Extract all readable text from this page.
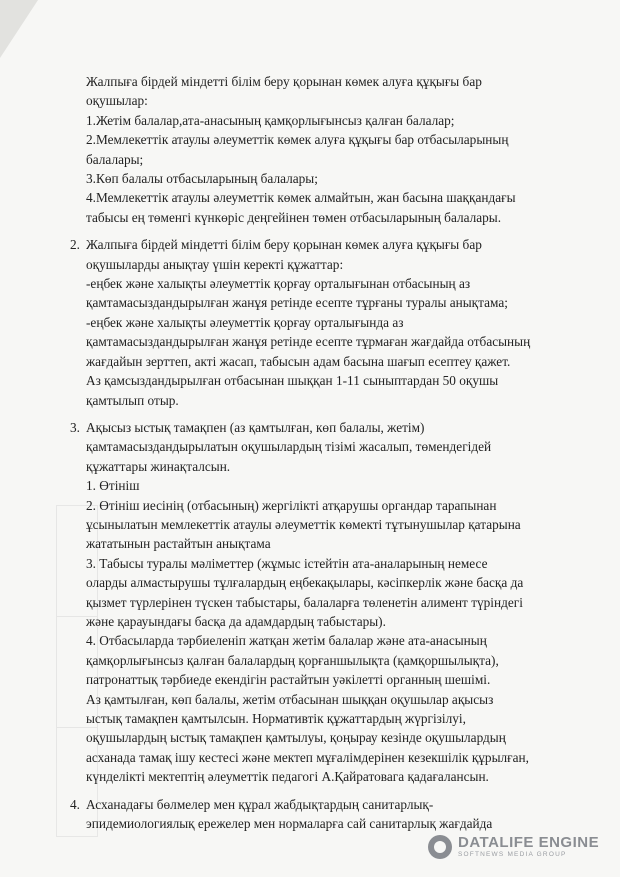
Жалпыға бірдей міндетті білім беру қорынан көмек алуға құқығы бар

оқушылар:

1.Жетім балалар,ата-анасының қамқорлығынсыз қалған балалар;

2.Мемлекеттік атаулы әлеуметтік көмек алуға құқығы бар отбасыларының

балалары;

3.Көп балалы отбасыларының балалары;

4.Мемлекеттік атаулы әлеуметтік көмек алмайтын, жан басына шаққандағы

табысы ең төменгі күнкөріс деңгейінен төмен отбасыларының балалары.

2. Жалпыға бірдей міндетті білім беру қорынан көмек алуға құқығы бар

оқушыларды анықтау үшін керекті құжаттар:

-еңбек және халықты әлеуметтік қорғау орталығынан отбасының аз

қамтамасыздандырылған жанұя ретінде есепте тұрғаны туралы анықтама;

-еңбек және халықты әлеуметтік қорғау орталығында аз

қамтамасыздандырылған жанұя ретінде есепте тұрмаған жағдайда отбасының

жағдайын зерттеп, акті жасап, табысын адам басына шағып есептеу қажет.

Аз қамсыздандырылған отбасынан шыққан 1-11 сыныптардан 50 оқушы

қамтылып отыр.

3. Ақысыз ыстық тамақпен (аз қамтылған, көп балалы, жетім)

қамтамасыздандырылатын оқушылардың тізімі жасалып, төмендегідей

құжаттары жинақталсын.

1. Өтініш

2. Өтініш иесінің (отбасының) жергілікті атқарушы органдар тарапынан

ұсынылатын мемлекеттік атаулы әлеуметтік көмекті тұтынушылар қатарына

жататынын растайтын анықтама

3. Табысы туралы мәліметтер (жұмыс істейтін ата-аналарының немесе

оларды алмастырушы тұлғалардың еңбекақылары, кәсіпкерлік және басқа да

қызмет түрлерінен түскен табыстары, балаларға төленетін алимент түріндегі

және қарауындағы басқа да адамдардың табыстары).

4. Отбасыларда тәрбиеленіп жатқан жетім балалар және ата-анасының

қамқорлығынсыз қалған балалардың қорғаншылықта (қамқоршылықта),

патронаттық тәрбиеде екендігін растайтын уәкілетті органның шешімі.

Аз қамтылған, көп балалы, жетім отбасынан шыққан оқушылар ақысыз

ыстық тамақпен қамтылсын. Нормативтік құжаттардың жүргізілуі,

оқушылардың ыстық тамақпен қамтылуы, қоңырау кезінде оқушылардың

асханада тамақ ішу кестесі және мектеп мұғалімдерінен кезекшілік құрылған,

күнделікті мектептің әлеуметтік педагогі А.Қайратовага қадағалансын.

4. Асханадағы бөлмелер мен құрал жабдықтардың санитарлық-

эпидемиологиялық ережелер мен нормаларға сай санитарлық жағдайда

DATALIFE ENGINE
SOFTNEWS MEDIA GROUP
